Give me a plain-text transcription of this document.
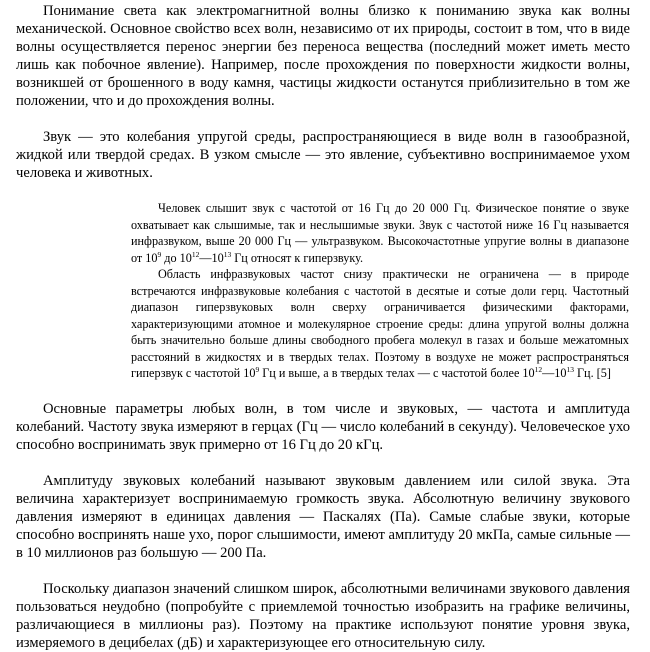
Понимание света как электромагнитной волны близко к пониманию звука как волны механической. Основное свойство всех волн, независимо от их природы, состоит в том, что в виде волны осуществляется перенос энергии без переноса вещества (последний может иметь место лишь как побочное явление). Например, после прохождения по поверхности жидкости волны, возникшей от брошенного в воду камня, частицы жидкости останутся приблизительно в том же положении, что и до прохождения волны.

Звук — это колебания упругой среды, распространяющиеся в виде волн в газообразной, жидкой или твердой средах. В узком смысле — это явление, субъективно воспринимаемое ухом человека и животных.

Человек слышит звук с частотой от 16 Гц до 20 000 Гц. Физическое понятие о звуке охватывает как слышимые, так и неслышимые звуки. Звук с частотой ниже 16 Гц называется инфразвуком, выше 20 000 Гц — ультразвуком. Высокочастотные упругие волны в диапазоне от $10^9$ до $10^{12}—10^{13}$ Гц относят к гиперзвуку.

Область инфразвуковых частот снизу практически не ограничена — в природе встречаются инфразвуковые колебания с частотой в десятые и сотые доли герц. Частотный диапазон гиперзвуковых волн сверху ограничивается физическими факторами, характеризующими атомное и молекулярное строение среды: длина упругой волны должна быть значительно больше длины свободного пробега молекул в газах и больше межатомных расстояний в жидкостях и в твердых телах. Поэтому в воздухе не может распространяться гиперзвук с частотой $10^9$ Гц и выше, а в твердых телах — с частотой более $10^{12}—10^{13}$ Гц. [5]

Основные параметры любых волн, в том числе и звуковых, — частота и амплитуда колебаний. Частоту звука измеряют в герцах (Гц — число колебаний в секунду). Человеческое ухо способно воспринимать звук примерно от 16 Гц до 20 кГц.

Амплитуду звуковых колебаний называют звуковым давлением или силой звука. Эта величина характеризует воспринимаемую громкость звука. Абсолютную величину звукового давления измеряют в единицах давления — Паскалях (Па). Самые слабые звуки, которые способно воспринять наше ухо, порог слышимости, имеют амплитуду 20 мкПа, самые сильные — в 10 миллионов раз большую — 200 Па.

Поскольку диапазон значений слишком широк, абсолютными величинами звукового давления пользоваться неудобно (попробуйте с приемлемой точностью изобразить на графике величины, различающиеся в миллионы раз). Поэтому на практике используют понятие уровня звука, измеряемого в децибелах (дБ) и характеризующее его относительную силу.
